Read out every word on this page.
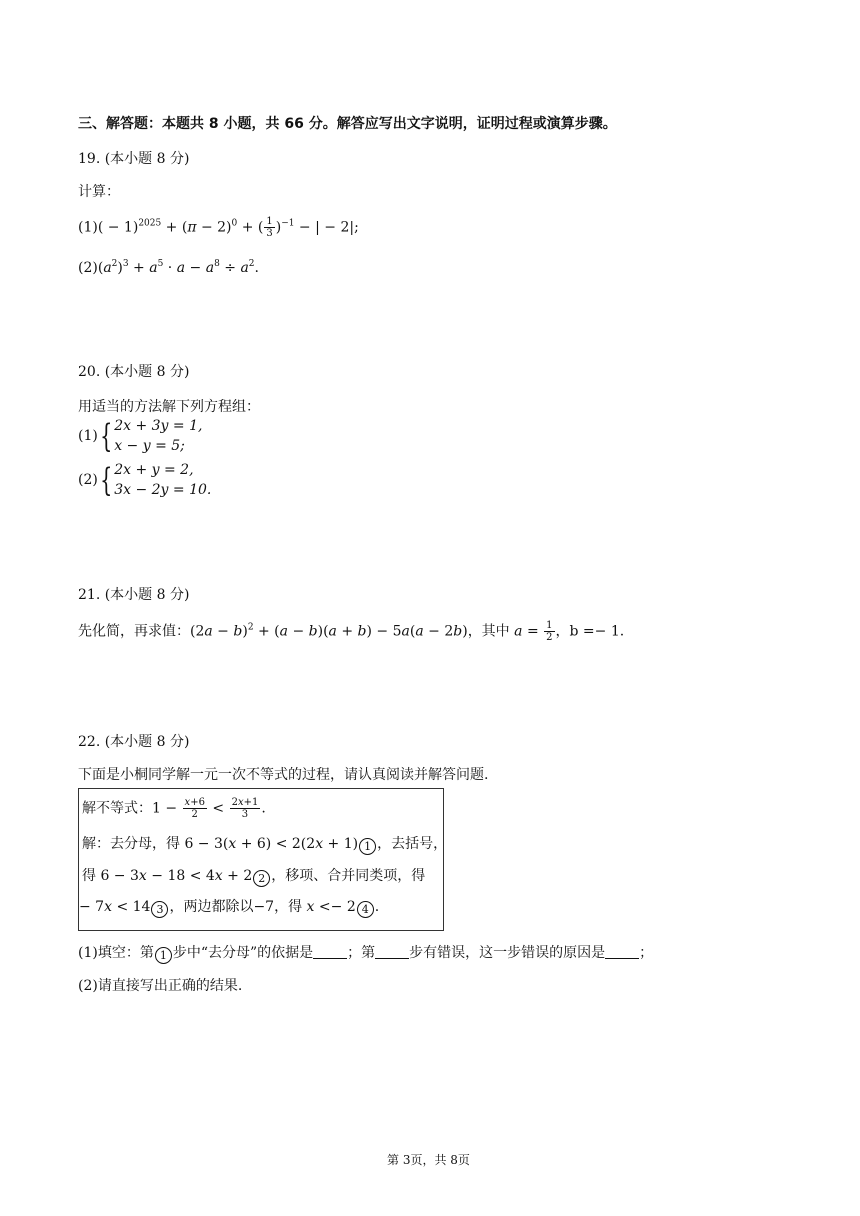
三、解答题：本题共 8 小题，共 66 分。解答应写出文字说明，证明过程或演算步骤。
19. (本小题 8 分)
计算：
$(1)( - 1)^{2025} + (\pi - 2)^0$ + ( $\frac{1}{3} )^{-1}$ − | − 2|;
$(2)(a^2)^3 + a^5 \cdot a - a^8 \div a^2$.
20. (本小题 8 分)
用适当的方法解下列方程组：
(1){ 2x + 3y = 1,
x − y = 5;
(2){ 2x + y = 2,
3x − 2y = 10.
21. (本小题 8 分)
先化简，再求值：$(2a - b)^2 + (a - b)(a + b) - 5a(a - 2b)$，其中 $a = \frac{1}{2}$ ，b =− 1.
22. (本小题 8 分)
下面是小桐同学解一元一次不等式的过程，请认真阅读并解答问题.
解不等式：$1 - \frac{x+6}{2} < \frac{2x+1}{3}$ .
解：去分母，得 6 − 3(x + 6) < 2(2x + 1) 1 ，去括号，
得 6 − 3x − 18 < 4x + 2 2 ，移项、合并同类项，得
− 7x < 14 3 ，两边都除以−7，得 x <− 2 4 .
(1)填空：第 1 步中“去分母”的依据是 ；第 步有错误，这一步错误的原因是 ；
(2)请直接写出正确的结果.
第 3页，共 8页
